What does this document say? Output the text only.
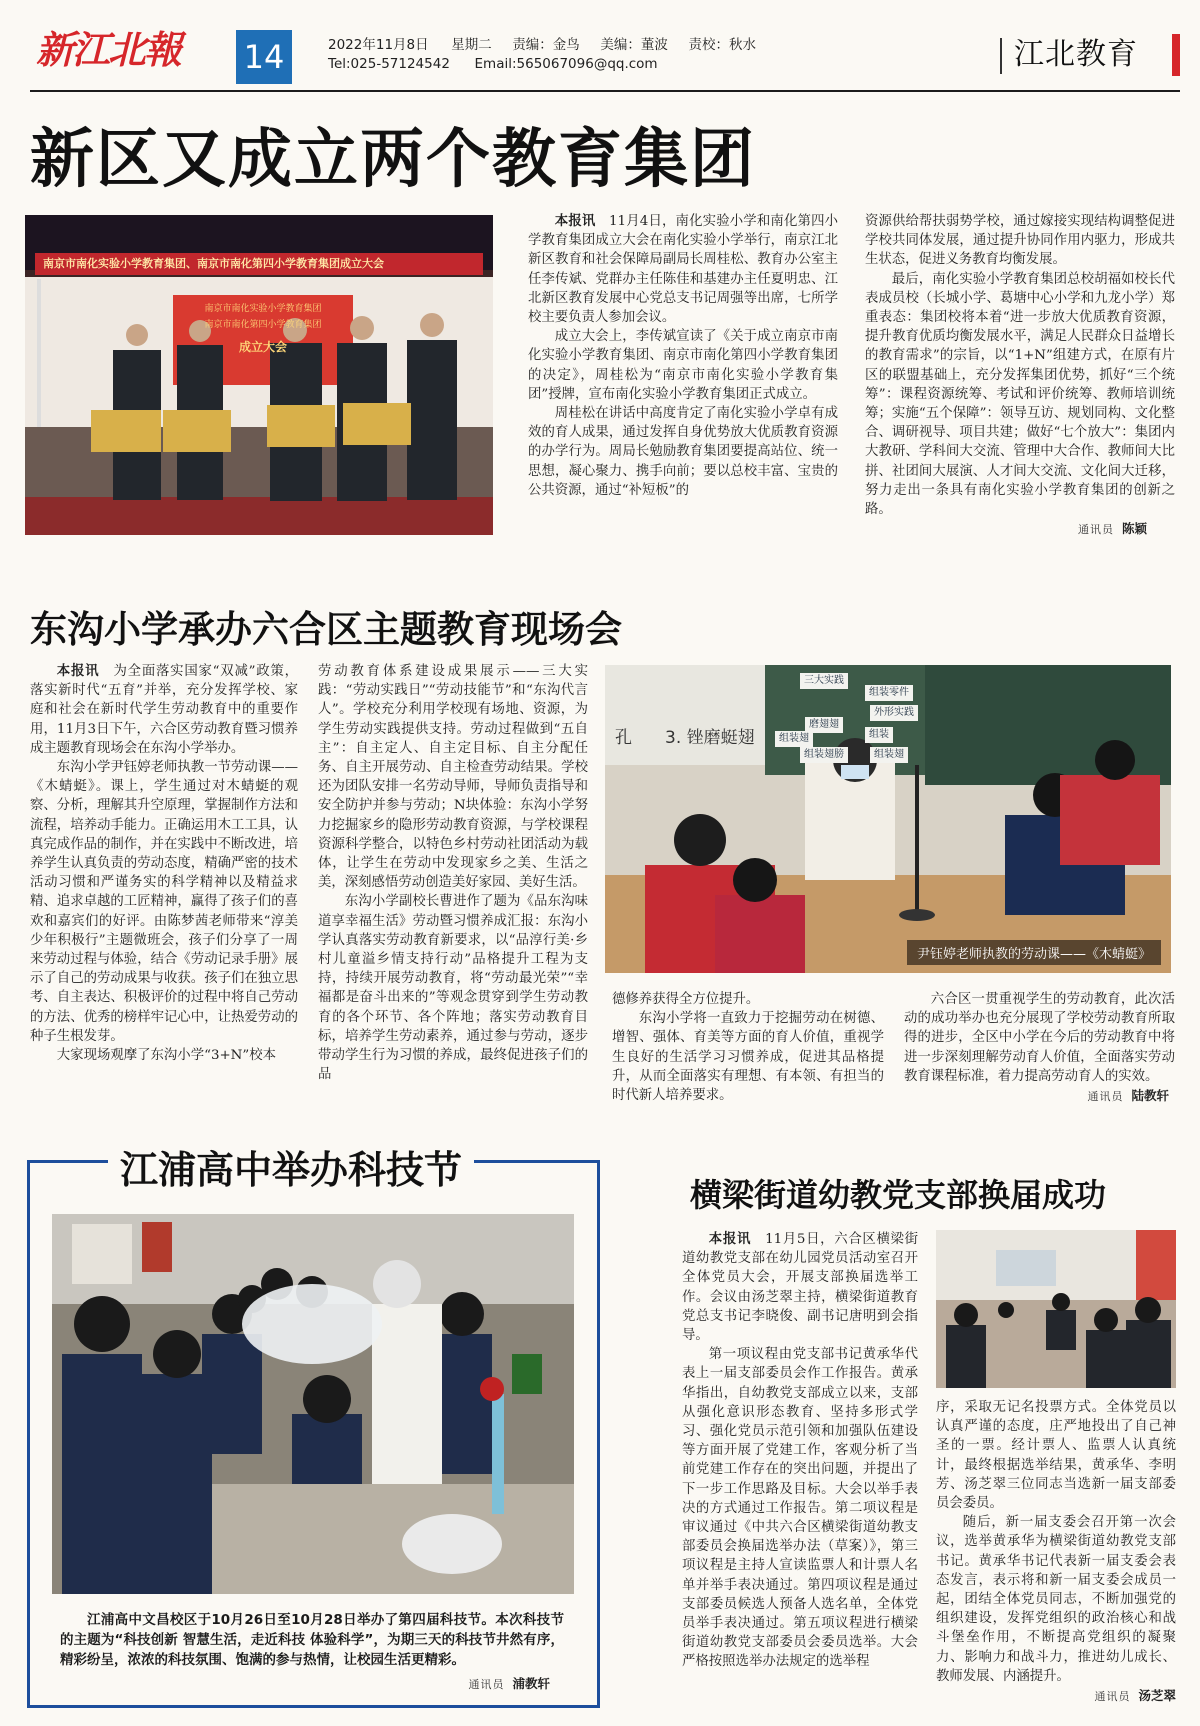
新江北報	14	2022年11月8日 星期二 责编：金鸟 美编：董波 责校：秋水
Tel:025-57124542 Email:565067096@qq.com	江北教育
新区又成立两个教育集团
南京市南化实验小学教育集团、南京市南化第四小学教育集团成立大会
南京市南化实验小学教育集团
南京市南化第四小学教育集团
成立大会

本报讯　 11月4日，南化实验小学和南化第四小学教育集团成立大会在南化实验小学举行，南京江北新区教育和社会保障局副局长周桂松、教育办公室主任李传斌、党群办主任陈佳和基建办主任夏明忠、江北新区教育发展中心党总支书记周强等出席，七所学校主要负责人参加会议。

成立大会上，李传斌宣读了《关于成立南京市南化实验小学教育集团、南京市南化第四小学教育集团的决定》，周桂松为“南京市南化实验小学教育集团”授牌，宣布南化实验小学教育集团正式成立。

周桂松在讲话中高度肯定了南化实验小学卓有成效的育人成果，通过发挥自身优势放大优质教育资源的办学行为。周局长勉励教育集团要提高站位、统一思想，凝心聚力、携手向前；要以总校丰富、宝贵的公共资源，通过“补短板”的

资源供给帮扶弱势学校，通过嫁接实现结构调整促进学校共同体发展，通过提升协同作用内驱力，形成共生状态，促进义务教育均衡发展。

最后，南化实验小学教育集团总校胡福如校长代表成员校（长城小学、葛塘中心小学和九龙小学）郑重表态：集团校将本着“进一步放大优质教育资源，提升教育优质均衡发展水平，满足人民群众日益增长的教育需求”的宗旨，以“1+N”组建方式，在原有片区的联盟基础上，充分发挥集团优势，抓好“三个统筹”：课程资源统筹、考试和评价统筹、教师培训统筹；实施“五个保障”：领导互访、规划同构、文化整合、调研视导、项目共建；做好“七个放大”：集团内大教研、学科间大交流、管理中大合作、教师间大比拼、社团间大展演、人才间大交流、文化间大迁移，努力走出一条具有南化实验小学教育集团的创新之路。

通讯员 陈颖
东沟小学承办六合区主题教育现场会

本报讯　 为全面落实国家“双减”政策，落实新时代“五育”并举，充分发挥学校、家庭和社会在新时代学生劳动教育中的重要作用，11月3日下午，六合区劳动教育暨习惯养成主题教育现场会在东沟小学举办。

东沟小学尹钰婷老师执教一节劳动课——《木蜻蜓》。课上，学生通过对木蜻蜓的观察、分析，理解其升空原理，掌握制作方法和流程，培养动手能力。正确运用木工工具，认真完成作品的制作，并在实践中不断改进，培养学生认真负责的劳动态度，精确严密的技术活动习惯和严谨务实的科学精神以及精益求精、追求卓越的工匠精神，赢得了孩子们的喜欢和嘉宾们的好评。由陈梦茜老师带来“淳美少年积极行”主题微班会，孩子们分享了一周来劳动过程与体验，结合《劳动记录手册》展示了自己的劳动成果与收获。孩子们在独立思考、自主表达、积极评价的过程中将自己劳动的方法、优秀的榜样牢记心中，让热爱劳动的种子生根发芽。

大家现场观摩了东沟小学“3+N”校本

劳动教育体系建设成果展示——三大实践：“劳动实践日”“劳动技能节”和“东沟代言人”。学校充分利用学校现有场地、资源，为学生劳动实践提供支持。劳动过程做到“五自主”：自主定人、自主定目标、自主分配任务、自主开展劳动、自主检查劳动结果。学校还为团队安排一名劳动导师，导师负责指导和安全防护并参与劳动；N块体验：东沟小学努力挖掘家乡的隐形劳动教育资源，与学校课程资源科学整合，以特色乡村劳动社团活动为载体，让学生在劳动中发现家乡之美、生活之美，深刻感悟劳动创造美好家园、美好生活。

东沟小学副校长曹进作了题为《品东沟味道享幸福生活》劳动暨习惯养成汇报：东沟小学认真落实劳动教育新要求，以“品淳行美·乡村儿童溢乡情支持行动”品格提升工程为支持，持续开展劳动教育，将“劳动最光荣”“幸福都是奋斗出来的”等观念贯穿到学生劳动教育的各个环节、各个阵地；落实劳动教育目标，培养学生劳动素养，通过参与劳动，逐步带动学生行为习惯的养成，最终促进孩子们的品

3. 锉磨蜓翅
孔
三大实践
组装零件
外形实践
磨翅翅
组装翅
组装翅膀
组装
组装翅
尹钰婷老师执教的劳动课——《木蜻蜓》

德修养获得全方位提升。

东沟小学将一直致力于挖掘劳动在树德、增智、强体、育美等方面的育人价值，重视学生良好的生活学习习惯养成，促进其品格提升，从而全面落实有理想、有本领、有担当的时代新人培养要求。

六合区一贯重视学生的劳动教育，此次活动的成功举办也充分展现了学校劳动教育所取得的进步，全区中小学在今后的劳动教育中将进一步深刻理解劳动育人价值，全面落实劳动教育课程标准，着力提高劳动育人的实效。

通讯员 陆教轩
江浦高中举办科技节
江浦高中文昌校区于10月26日至10月28日举办了第四届科技节。本次科技节的主题为“科技创新 智慧生活，走近科技 体验科学”，为期三天的科技节井然有序，精彩纷呈，浓浓的科技氛围、饱满的参与热情，让校园生活更精彩。
通讯员 浦教轩
横梁街道幼教党支部换届成功

本报讯　 11月5日，六合区横梁街道幼教党支部在幼儿园党员活动室召开全体党员大会，开展支部换届选举工作。会议由汤芝翠主持，横梁街道教育党总支书记李晓俊、副书记唐明到会指导。

第一项议程由党支部书记黄承华代表上一届支部委员会作工作报告。黄承华指出，自幼教党支部成立以来，支部从强化意识形态教育、坚持多形式学习、强化党员示范引领和加强队伍建设等方面开展了党建工作，客观分析了当前党建工作存在的突出问题，并提出了下一步工作思路及目标。大会以举手表决的方式通过工作报告。第二项议程是审议通过《中共六合区横梁街道幼教支部委员会换届选举办法（草案）》，第三项议程是主持人宣读监票人和计票人名单并举手表决通过。第四项议程是通过支部委员候选人预备人选名单，全体党员举手表决通过。第五项议程进行横梁街道幼教党支部委员会委员选举。大会严格按照选举办法规定的选举程

序，采取无记名投票方式。全体党员以认真严谨的态度，庄严地投出了自己神圣的一票。经计票人、监票人认真统计，最终根据选举结果，黄承华、李明芳、汤芝翠三位同志当选新一届支部委员会委员。

随后，新一届支委会召开第一次会议，选举黄承华为横梁街道幼教党支部书记。黄承华书记代表新一届支委会表态发言，表示将和新一届支委会成员一起，团结全体党员同志，不断加强党的组织建设，发挥党组织的政治核心和战斗堡垒作用，不断提高党组织的凝聚力、影响力和战斗力，推进幼儿成长、教师发展、内涵提升。

通讯员 汤芝翠
